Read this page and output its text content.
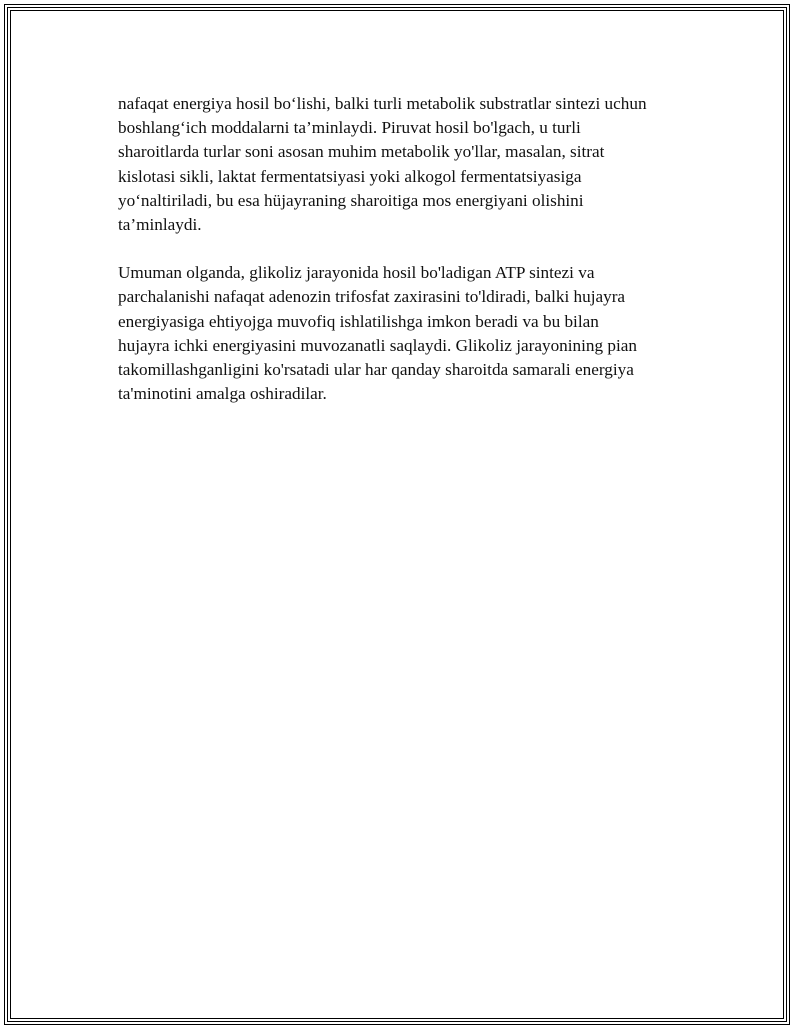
nafaqat energiya hosil bo‘lishi, balki turli metabolik substratlar sintezi uchun
boshlang‘ich moddalarni ta’minlaydi. Piruvat hosil bo'lgach, u turli
sharoitlarda turlar soni asosan muhim metabolik yo'llar, masalan, sitrat
kislotasi sikli, laktat fermentatsiyasi yoki alkogol fermentatsiyasiga
yo‘naltiriladi, bu esa hüjayraning sharoitiga mos energiyani olishini
ta’minlaydi.

Umuman olganda, glikoliz jarayonida hosil bo'ladigan ATP sintezi va
parchalanishi nafaqat adenozin trifosfat zaxirasini to'ldiradi, balki hujayra
energiyasiga ehtiyojga muvofiq ishlatilishga imkon beradi va bu bilan
hujayra ichki energiyasini muvozanatli saqlaydi. Glikoliz jarayonining pian
takomillashganligini ko'rsatadi ular har qanday sharoitda samarali energiya
ta'minotini amalga oshiradilar.
